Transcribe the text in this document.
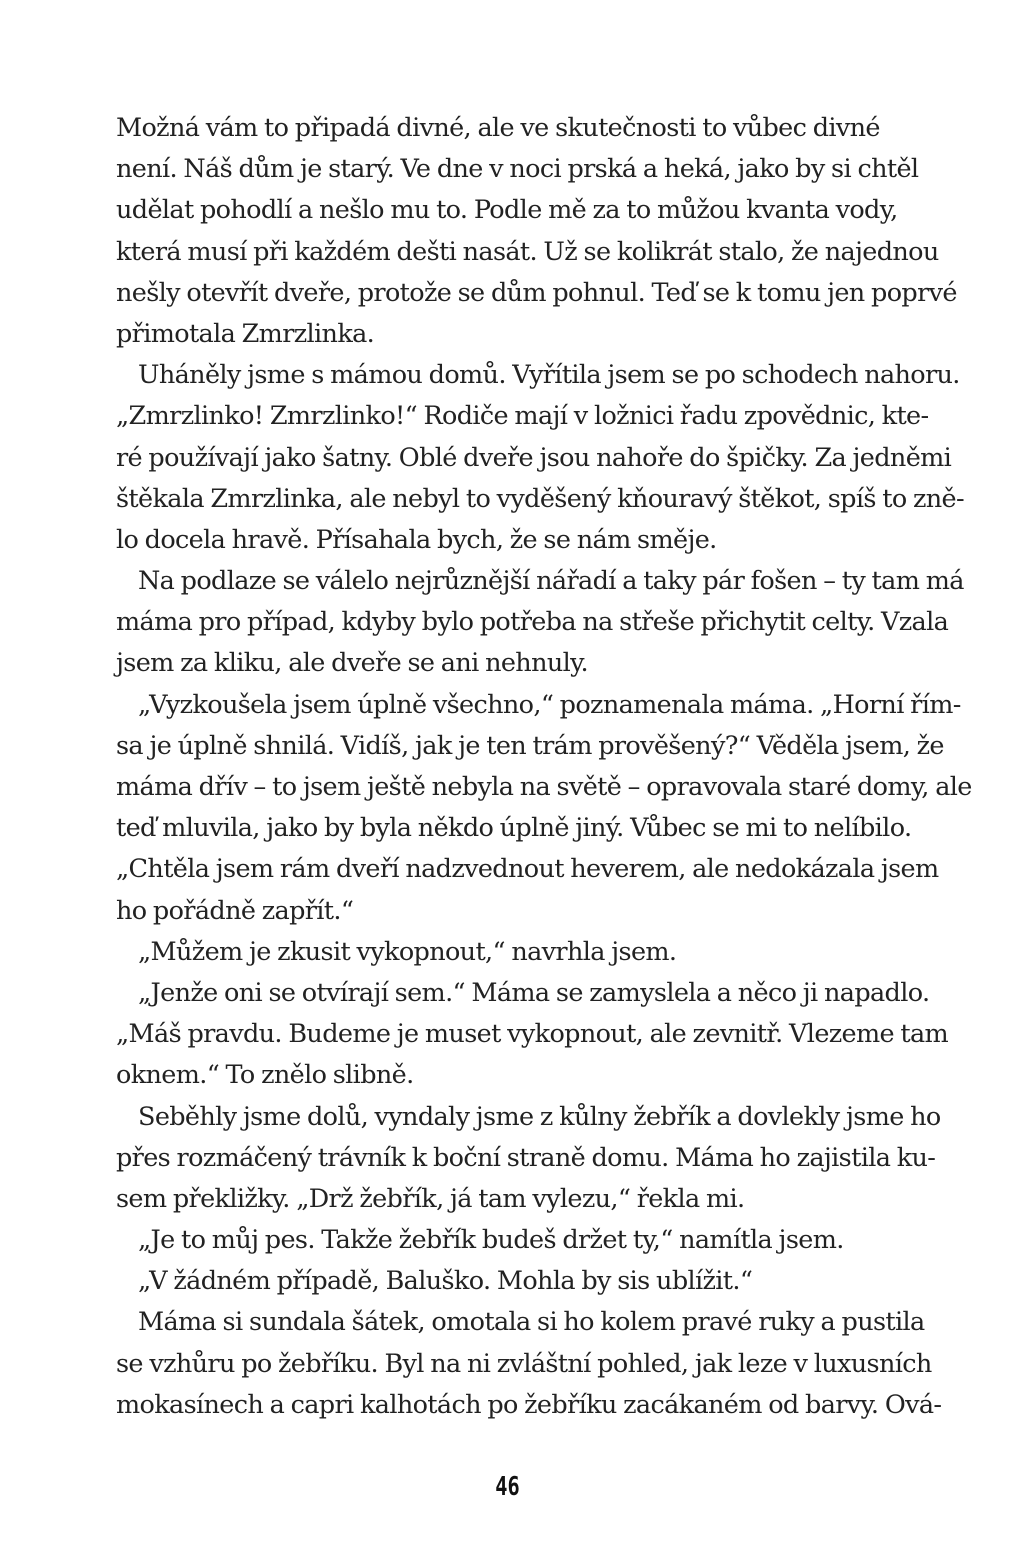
Možná vám to připadá divné, ale ve skutečnosti to vůbec divné
není. Náš dům je starý. Ve dne v noci prská a heká, jako by si chtěl
udělat pohodlí a nešlo mu to. Podle mě za to můžou kvanta vody,
která musí při každém dešti nasát. Už se kolikrát stalo, že najednou
nešly otevřít dveře, protože se dům pohnul. Teď se k tomu jen poprvé
přimotala Zmrzlinka.
Uháněly jsme s mámou domů. Vyřítila jsem se po schodech nahoru.
„Zmrzlinko! Zmrzlinko!“ Rodiče mají v ložnici řadu zpovědnic, kte-
ré používají jako šatny. Oblé dveře jsou nahoře do špičky. Za jedněmi
štěkala Zmrzlinka, ale nebyl to vyděšený kňouravý štěkot, spíš to zně-
lo docela hravě. Přísahala bych, že se nám směje.
Na podlaze se válelo nejrůznější nářadí a taky pár fošen – ty tam má
máma pro případ, kdyby bylo potřeba na střeše přichytit celty. Vzala
jsem za kliku, ale dveře se ani nehnuly.
„Vyzkoušela jsem úplně všechno,“ poznamenala máma. „Horní řím-
sa je úplně shnilá. Vidíš, jak je ten trám prověšený?“ Věděla jsem, že
máma dřív – to jsem ještě nebyla na světě – opravovala staré domy, ale
teď mluvila, jako by byla někdo úplně jiný. Vůbec se mi to nelíbilo.
„Chtěla jsem rám dveří nadzvednout heverem, ale nedokázala jsem
ho pořádně zapřít.“
„Můžem je zkusit vykopnout,“ navrhla jsem.
„Jenže oni se otvírají sem.“ Máma se zamyslela a něco ji napadlo.
„Máš pravdu. Budeme je muset vykopnout, ale zevnitř. Vlezeme tam
oknem.“ To znělo slibně.
Seběhly jsme dolů, vyndaly jsme z kůlny žebřík a dovlekly jsme ho
přes rozmáčený trávník k boční straně domu. Máma ho zajistila ku-
sem překližky. „Drž žebřík, já tam vylezu,“ řekla mi.
„Je to můj pes. Takže žebřík budeš držet ty,“ namítla jsem.
„V žádném případě, Baluško. Mohla by sis ublížit.“
Máma si sundala šátek, omotala si ho kolem pravé ruky a pustila
se vzhůru po žebříku. Byl na ni zvláštní pohled, jak leze v luxusních
mokasínech a capri kalhotách po žebříku zacákaném od barvy. Ová-
46
